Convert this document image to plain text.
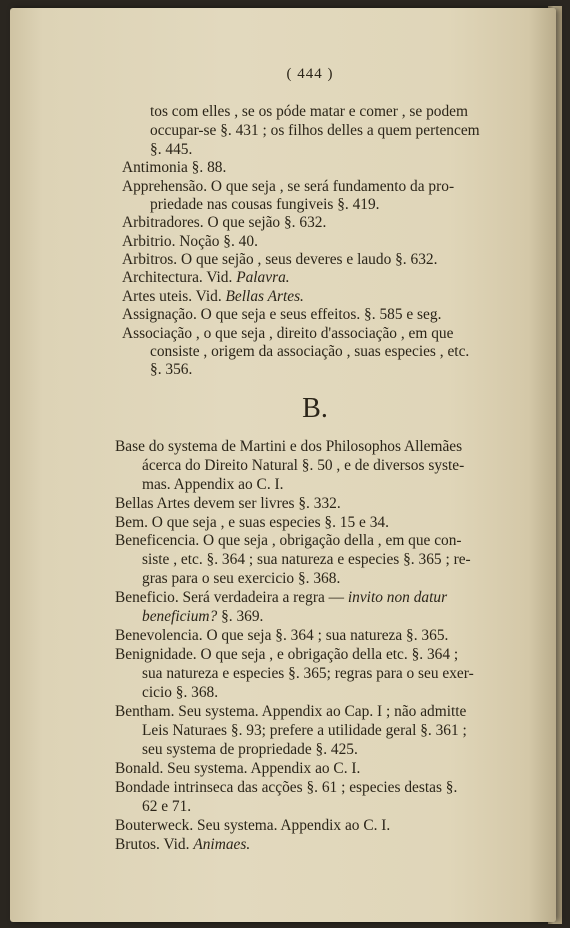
( 444 )
tos com elles , se os póde matar e comer , se podem
occupar-se §. 431 ; os filhos delles a quem pertencem
§. 445.
Antimonia §. 88.
Apprehensão. O que seja , se será fundamento da pro-
priedade nas cousas fungiveis §. 419.
Arbitradores. O que sejão §. 632.
Arbitrio. Noção §. 40.
Arbitros. O que sejão , seus deveres e laudo §. 632.
Architectura. Vid. Palavra.
Artes uteis. Vid. Bellas Artes.
Assignação. O que seja e seus effeitos. §. 585 e seg.
Associação , o que seja , direito d'associação , em que
consiste , origem da associação , suas especies , etc.
§. 356.
B.
Base do systema de Martini e dos Philosophos Allemães
ácerca do Direito Natural §. 50 , e de diversos syste-
mas. Appendix ao C. I.
Bellas Artes devem ser livres §. 332.
Bem. O que seja , e suas especies §. 15 e 34.
Beneficencia. O que seja , obrigação della , em que con-
siste , etc. §. 364 ; sua natureza e especies §. 365 ; re-
gras para o seu exercicio §. 368.
Beneficio. Será verdadeira a regra — invito non datur
beneficium? §. 369.
Benevolencia. O que seja §. 364 ; sua natureza §. 365.
Benignidade. O que seja , e obrigação della etc. §. 364 ;
sua natureza e especies §. 365; regras para o seu exer-
cicio §. 368.
Bentham. Seu systema. Appendix ao Cap. I ; não admitte
Leis Naturaes §. 93; prefere a utilidade geral §. 361 ;
seu systema de propriedade §. 425.
Bonald. Seu systema. Appendix ao C. I.
Bondade intrinseca das acções §. 61 ; especies destas §.
62 e 71.
Bouterweck. Seu systema. Appendix ao C. I.
Brutos. Vid. Animaes.
